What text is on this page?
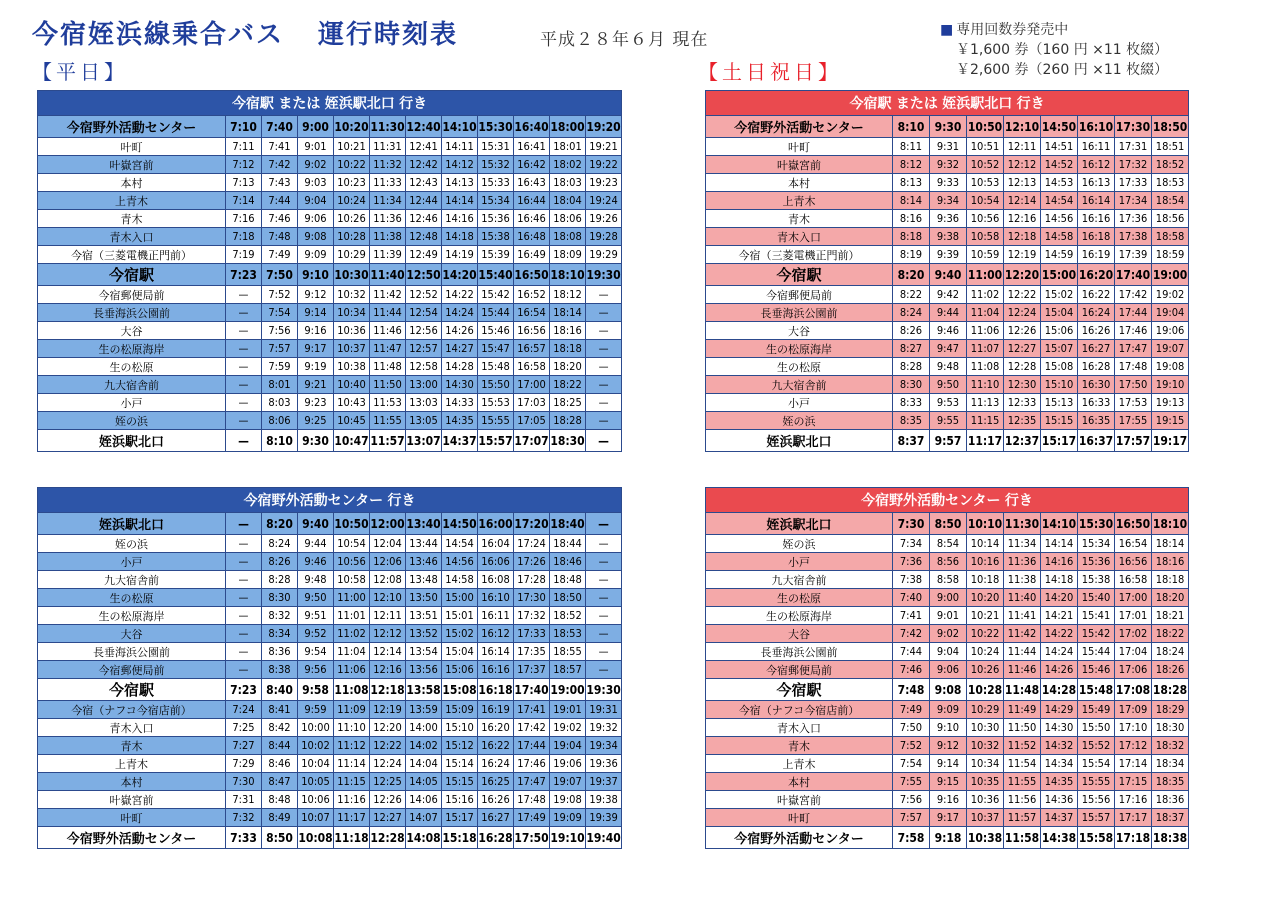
今宿姪浜線乗合バス 運行時刻表	平成２８年６月 現在	■ 専用回数券発売中
￥1,600 券（160 円 ×11 枚綴）
￥2,600 券（260 円 ×11 枚綴）
【平日】	【土日祝日】
今宿駅 または 姪浜駅北口 行き											
今宿野外活動センター	7:10	7:40	9:00	10:20	11:30	12:40	14:10	15:30	16:40	18:00	19:20
叶町	7:11	7:41	9:01	10:21	11:31	12:41	14:11	15:31	16:41	18:01	19:21
叶嶽宮前	7:12	7:42	9:02	10:22	11:32	12:42	14:12	15:32	16:42	18:02	19:22
本村	7:13	7:43	9:03	10:23	11:33	12:43	14:13	15:33	16:43	18:03	19:23
上青木	7:14	7:44	9:04	10:24	11:34	12:44	14:14	15:34	16:44	18:04	19:24
青木	7:16	7:46	9:06	10:26	11:36	12:46	14:16	15:36	16:46	18:06	19:26
青木入口	7:18	7:48	9:08	10:28	11:38	12:48	14:18	15:38	16:48	18:08	19:28
今宿（三菱電機正門前）	7:19	7:49	9:09	10:29	11:39	12:49	14:19	15:39	16:49	18:09	19:29
今宿駅	7:23	7:50	9:10	10:30	11:40	12:50	14:20	15:40	16:50	18:10	19:30
今宿郵便局前	—	7:52	9:12	10:32	11:42	12:52	14:22	15:42	16:52	18:12	—
長垂海浜公園前	—	7:54	9:14	10:34	11:44	12:54	14:24	15:44	16:54	18:14	—
大谷	—	7:56	9:16	10:36	11:46	12:56	14:26	15:46	16:56	18:16	—
生の松原海岸	—	7:57	9:17	10:37	11:47	12:57	14:27	15:47	16:57	18:18	—
生の松原	—	7:59	9:19	10:38	11:48	12:58	14:28	15:48	16:58	18:20	—
九大宿舎前	—	8:01	9:21	10:40	11:50	13:00	14:30	15:50	17:00	18:22	—
小戸	—	8:03	9:23	10:43	11:53	13:03	14:33	15:53	17:03	18:25	—
姪の浜	—	8:06	9:25	10:45	11:55	13:05	14:35	15:55	17:05	18:28	—
姪浜駅北口	—	8:10	9:30	10:47	11:57	13:07	14:37	15:57	17:07	18:30	—
今宿駅 または 姪浜駅北口 行き								
今宿野外活動センター	8:10	9:30	10:50	12:10	14:50	16:10	17:30	18:50
叶町	8:11	9:31	10:51	12:11	14:51	16:11	17:31	18:51
叶嶽宮前	8:12	9:32	10:52	12:12	14:52	16:12	17:32	18:52
本村	8:13	9:33	10:53	12:13	14:53	16:13	17:33	18:53
上青木	8:14	9:34	10:54	12:14	14:54	16:14	17:34	18:54
青木	8:16	9:36	10:56	12:16	14:56	16:16	17:36	18:56
青木入口	8:18	9:38	10:58	12:18	14:58	16:18	17:38	18:58
今宿（三菱電機正門前）	8:19	9:39	10:59	12:19	14:59	16:19	17:39	18:59
今宿駅	8:20	9:40	11:00	12:20	15:00	16:20	17:40	19:00
今宿郵便局前	8:22	9:42	11:02	12:22	15:02	16:22	17:42	19:02
長垂海浜公園前	8:24	9:44	11:04	12:24	15:04	16:24	17:44	19:04
大谷	8:26	9:46	11:06	12:26	15:06	16:26	17:46	19:06
生の松原海岸	8:27	9:47	11:07	12:27	15:07	16:27	17:47	19:07
生の松原	8:28	9:48	11:08	12:28	15:08	16:28	17:48	19:08
九大宿舎前	8:30	9:50	11:10	12:30	15:10	16:30	17:50	19:10
小戸	8:33	9:53	11:13	12:33	15:13	16:33	17:53	19:13
姪の浜	8:35	9:55	11:15	12:35	15:15	16:35	17:55	19:15
姪浜駅北口	8:37	9:57	11:17	12:37	15:17	16:37	17:57	19:17
今宿野外活動センター 行き											
姪浜駅北口	—	8:20	9:40	10:50	12:00	13:40	14:50	16:00	17:20	18:40	—
姪の浜	—	8:24	9:44	10:54	12:04	13:44	14:54	16:04	17:24	18:44	—
小戸	—	8:26	9:46	10:56	12:06	13:46	14:56	16:06	17:26	18:46	—
九大宿舎前	—	8:28	9:48	10:58	12:08	13:48	14:58	16:08	17:28	18:48	—
生の松原	—	8:30	9:50	11:00	12:10	13:50	15:00	16:10	17:30	18:50	—
生の松原海岸	—	8:32	9:51	11:01	12:11	13:51	15:01	16:11	17:32	18:52	—
大谷	—	8:34	9:52	11:02	12:12	13:52	15:02	16:12	17:33	18:53	—
長垂海浜公園前	—	8:36	9:54	11:04	12:14	13:54	15:04	16:14	17:35	18:55	—
今宿郵便局前	—	8:38	9:56	11:06	12:16	13:56	15:06	16:16	17:37	18:57	—
今宿駅	7:23	8:40	9:58	11:08	12:18	13:58	15:08	16:18	17:40	19:00	19:30
今宿（ナフコ今宿店前）	7:24	8:41	9:59	11:09	12:19	13:59	15:09	16:19	17:41	19:01	19:31
青木入口	7:25	8:42	10:00	11:10	12:20	14:00	15:10	16:20	17:42	19:02	19:32
青木	7:27	8:44	10:02	11:12	12:22	14:02	15:12	16:22	17:44	19:04	19:34
上青木	7:29	8:46	10:04	11:14	12:24	14:04	15:14	16:24	17:46	19:06	19:36
本村	7:30	8:47	10:05	11:15	12:25	14:05	15:15	16:25	17:47	19:07	19:37
叶嶽宮前	7:31	8:48	10:06	11:16	12:26	14:06	15:16	16:26	17:48	19:08	19:38
叶町	7:32	8:49	10:07	11:17	12:27	14:07	15:17	16:27	17:49	19:09	19:39
今宿野外活動センター	7:33	8:50	10:08	11:18	12:28	14:08	15:18	16:28	17:50	19:10	19:40
今宿野外活動センター 行き								
姪浜駅北口	7:30	8:50	10:10	11:30	14:10	15:30	16:50	18:10
姪の浜	7:34	8:54	10:14	11:34	14:14	15:34	16:54	18:14
小戸	7:36	8:56	10:16	11:36	14:16	15:36	16:56	18:16
九大宿舎前	7:38	8:58	10:18	11:38	14:18	15:38	16:58	18:18
生の松原	7:40	9:00	10:20	11:40	14:20	15:40	17:00	18:20
生の松原海岸	7:41	9:01	10:21	11:41	14:21	15:41	17:01	18:21
大谷	7:42	9:02	10:22	11:42	14:22	15:42	17:02	18:22
長垂海浜公園前	7:44	9:04	10:24	11:44	14:24	15:44	17:04	18:24
今宿郵便局前	7:46	9:06	10:26	11:46	14:26	15:46	17:06	18:26
今宿駅	7:48	9:08	10:28	11:48	14:28	15:48	17:08	18:28
今宿（ナフコ今宿店前）	7:49	9:09	10:29	11:49	14:29	15:49	17:09	18:29
青木入口	7:50	9:10	10:30	11:50	14:30	15:50	17:10	18:30
青木	7:52	9:12	10:32	11:52	14:32	15:52	17:12	18:32
上青木	7:54	9:14	10:34	11:54	14:34	15:54	17:14	18:34
本村	7:55	9:15	10:35	11:55	14:35	15:55	17:15	18:35
叶嶽宮前	7:56	9:16	10:36	11:56	14:36	15:56	17:16	18:36
叶町	7:57	9:17	10:37	11:57	14:37	15:57	17:17	18:37
今宿野外活動センター	7:58	9:18	10:38	11:58	14:38	15:58	17:18	18:38
